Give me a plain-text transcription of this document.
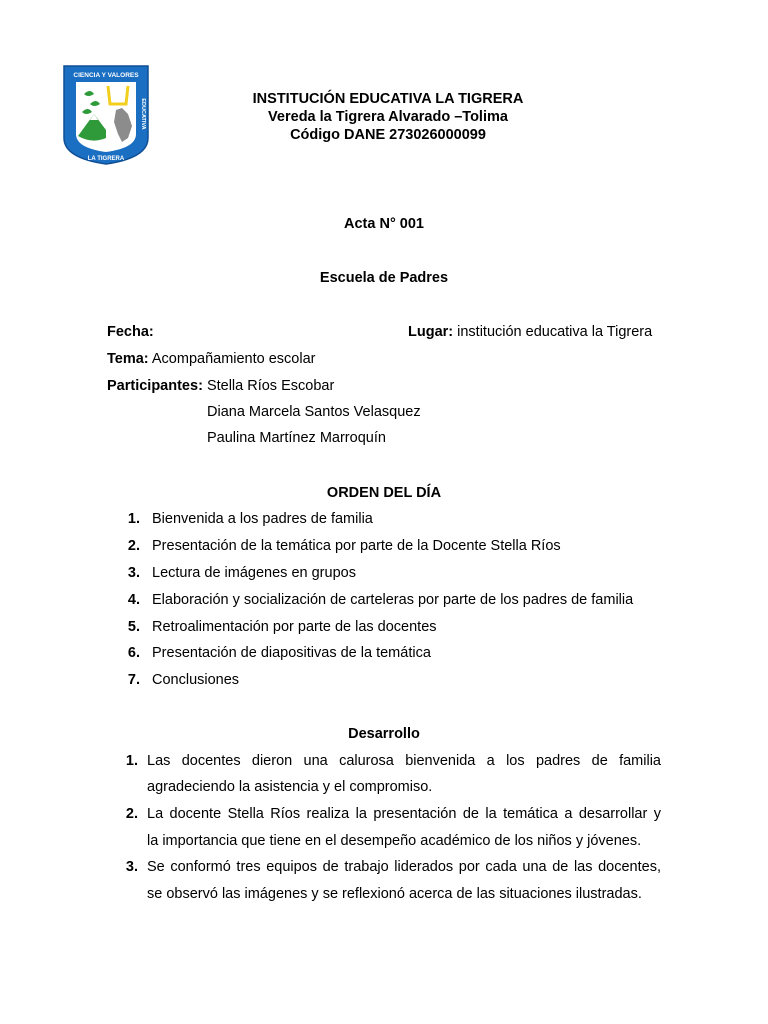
CIENCIA Y VALORES
INSTITUCION	EDUCATIVA
LA TIGRERA
INSTITUCIÓN EDUCATIVA LA TIGRERA
Vereda la Tigrera Alvarado –Tolima
Código DANE 273026000099
Acta N° 001
Escuela de Padres
Fecha:	Lugar: institución educativa la Tigrera
Tema: Acompañamiento escolar
Participantes: Stella Ríos Escobar
Diana Marcela Santos Velasquez
Paulina Martínez Marroquín
ORDEN DEL DÍA
1. Bienvenida a los padres de familia
2. Presentación de la temática por parte de la Docente Stella Ríos
3. Lectura de imágenes en grupos
4. Elaboración y socialización de carteleras por parte de los padres de familia
5. Retroalimentación por parte de las docentes
6. Presentación de diapositivas de la temática
7. Conclusiones
Desarrollo
1. Las docentes dieron una calurosa bienvenida a los padres de familia
agradeciendo la asistencia y el compromiso.
2. La docente Stella Ríos realiza la presentación de la temática a desarrollar y
la importancia que tiene en el desempeño académico de los niños y jóvenes.
3. Se conformó tres equipos de trabajo liderados por cada una de las docentes,
se observó las imágenes y se reflexionó acerca de las situaciones ilustradas.
